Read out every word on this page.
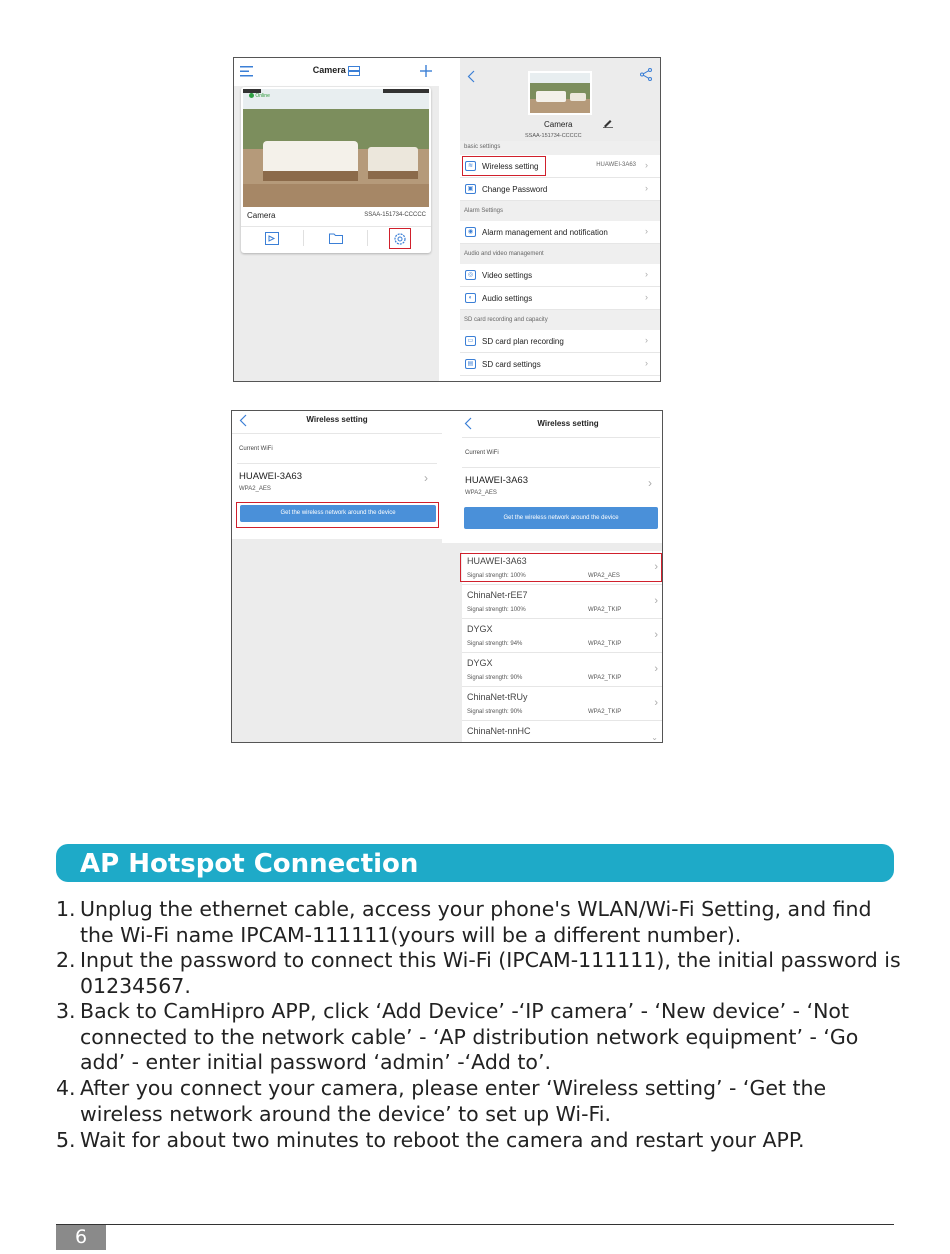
Camera
Online
Camera	SSAA-151734-CCCCC
Camera
SSAA-151734-CCCCC
basic settings
≋	Wireless setting	HUAWEI-3A63 ›
▣	Change Password	›
Alarm Settings
◉	Alarm management and notification	›
Audio and video management
◎	Video settings	›
◐	Audio settings	›
SD card recording and capacity
▭	SD card plan recording	›
▤	SD card settings	›
Wireless setting
Current WiFi
HUAWEI-3A63
WPA2_AES
›
Get the wireless network around the device
Wireless setting
Current WiFi
HUAWEI-3A63
WPA2_AES
›
Get the wireless network around the device
HUAWEI-3A63
Signal strength: 100%	WPA2_AES
›
ChinaNet-rEE7
Signal strength: 100%	WPA2_TKIP
›
DYGX
Signal strength: 94%	WPA2_TKIP
›
DYGX
Signal strength: 90%	WPA2_TKIP
›
ChinaNet-tRUy
Signal strength: 90%	WPA2_TKIP
›
ChinaNet-nnHC
⌄
AP Hotspot Connection
1. Unplug the ethernet cable, access your phone's WLAN/Wi-Fi Setting, and find the Wi-Fi name IPCAM-111111(yours will be a different number).
2. Input the password to connect this Wi-Fi (IPCAM-111111), the initial password is 01234567.
3. Back to CamHipro APP, click ‘Add Device’ -‘IP camera’ - ‘New device’ - ‘Not connected to the network cable’ - ‘AP distribution network equipment’ - ‘Go add’ - enter initial password ‘admin’ -‘Add to’.
4. After you connect your camera, please enter ‘Wireless setting’ - ‘Get the wireless network around the device’ to set up Wi-Fi.
5. Wait for about two minutes to reboot the camera and restart your APP.
6
